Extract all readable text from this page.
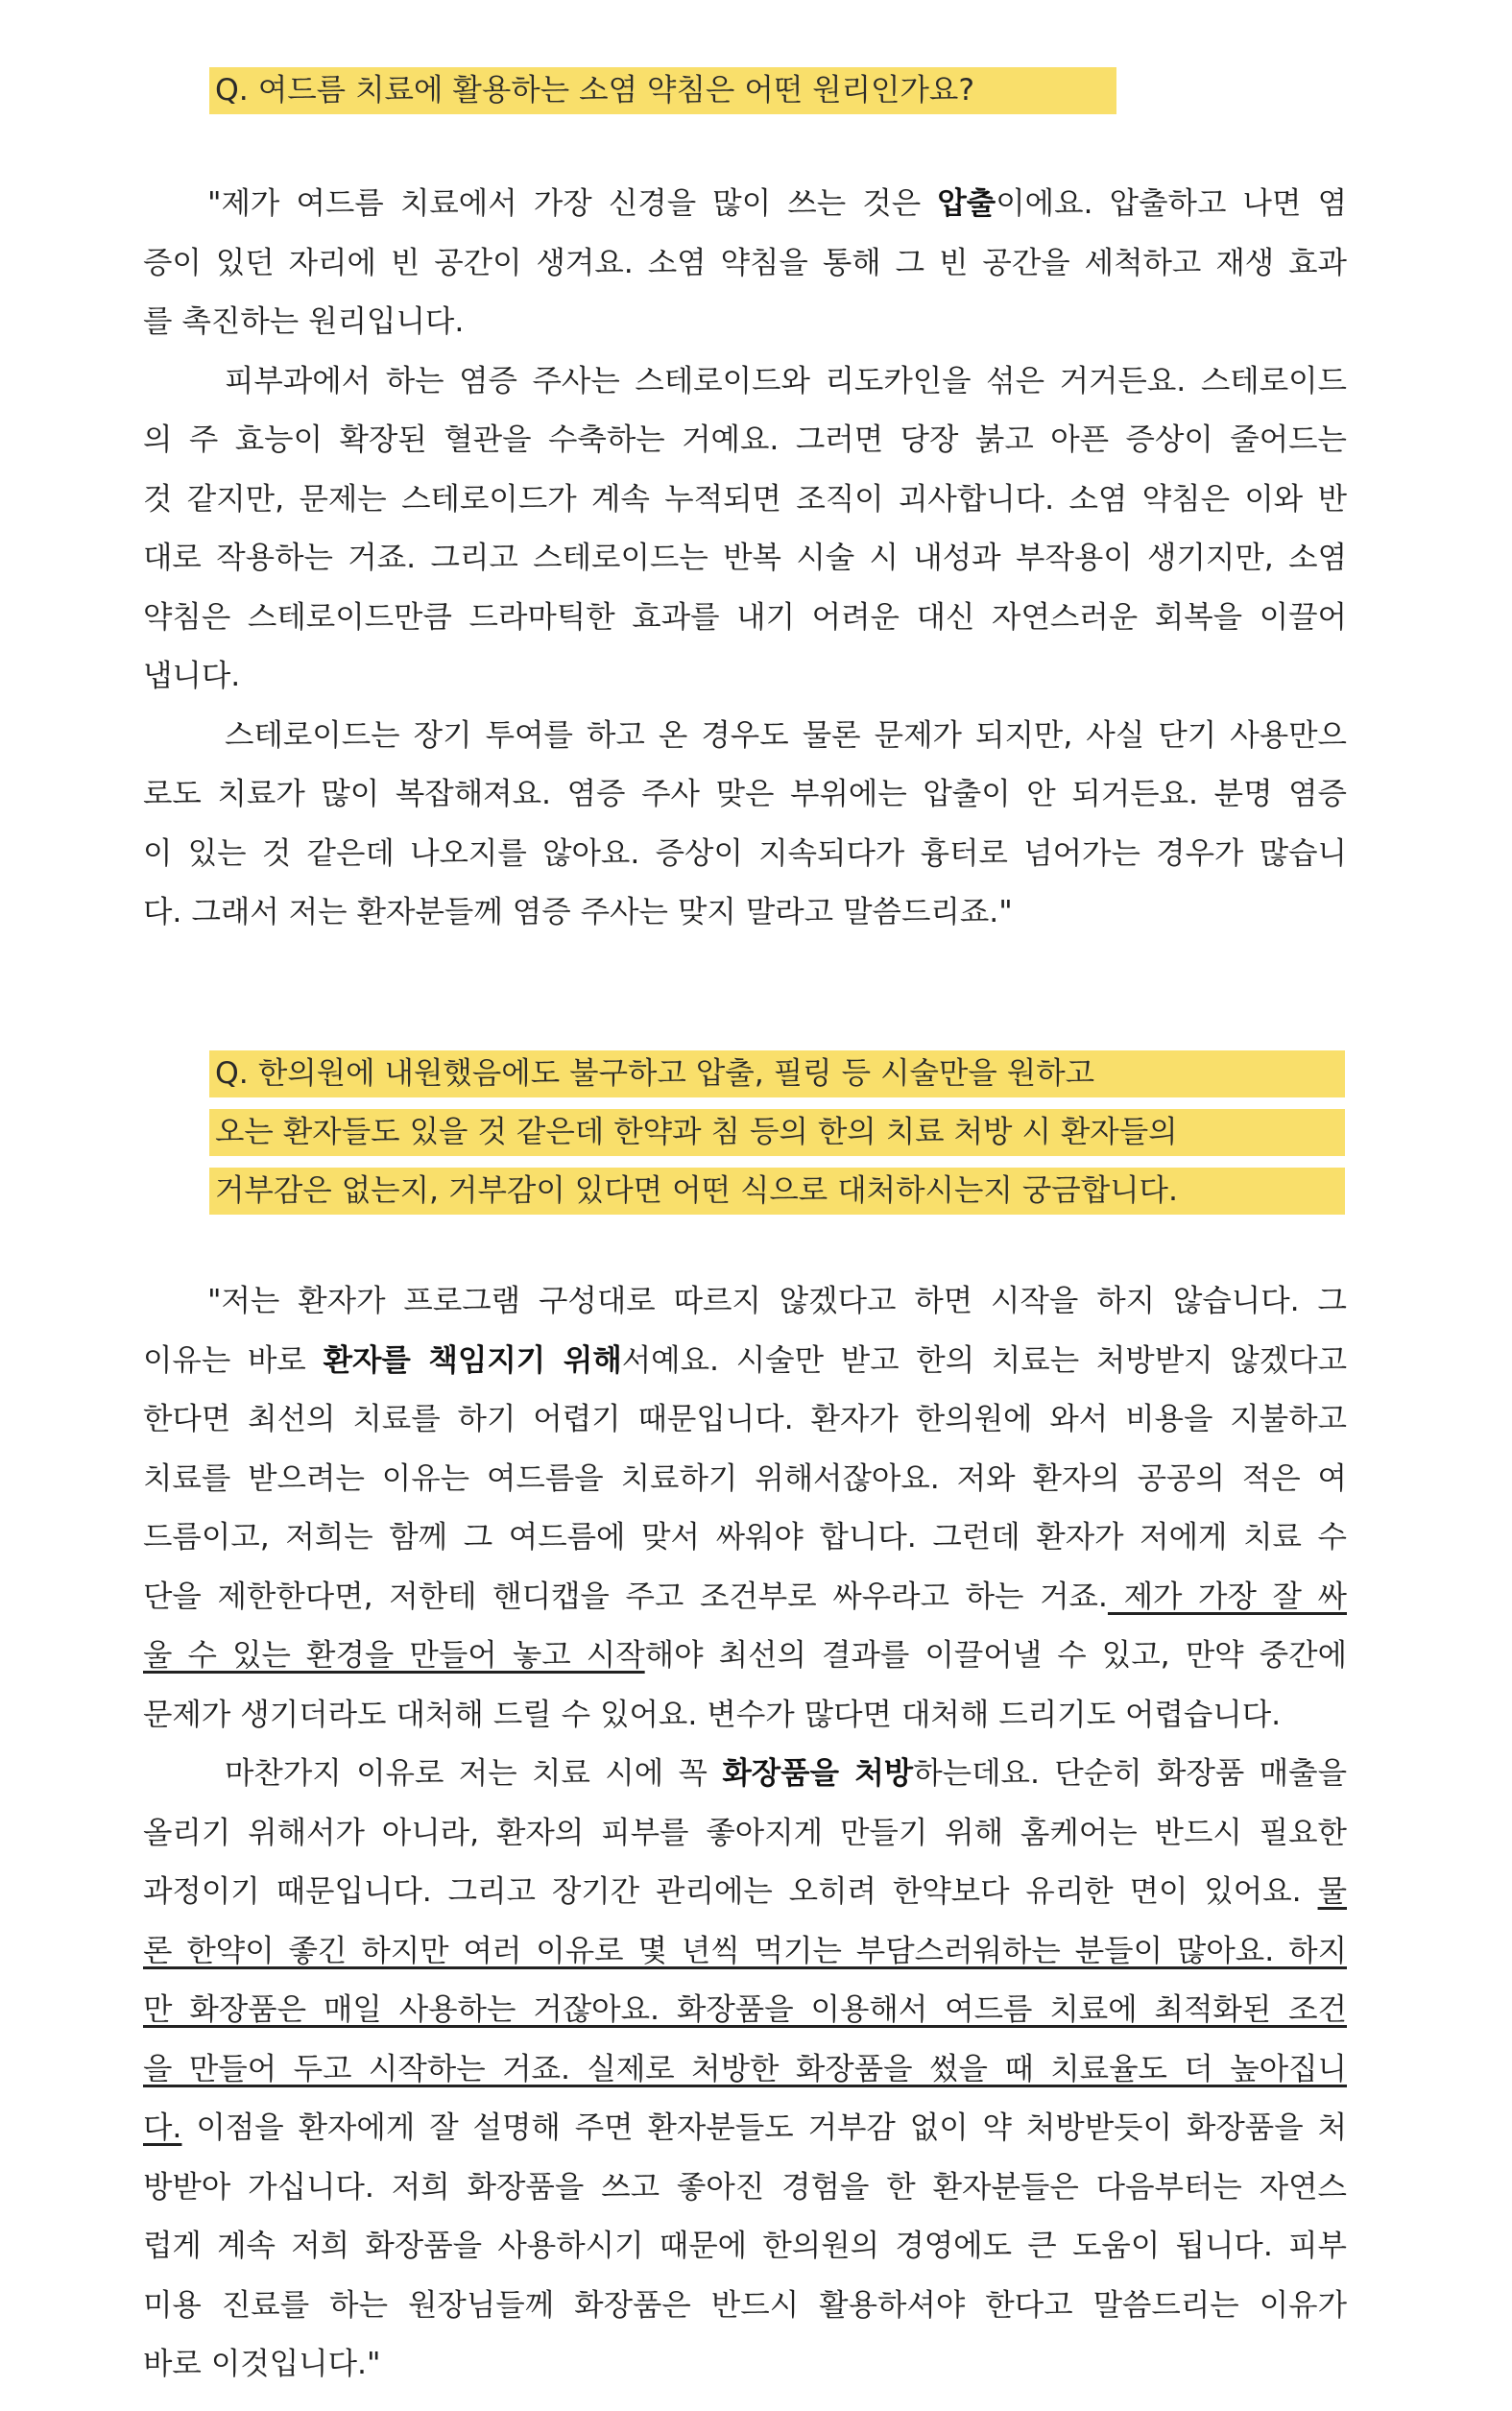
Q. 여드름 치료에 활용하는 소염 약침은 어떤 원리인가요?
"제가 여드름 치료에서 가장 신경을 많이 쓰는 것은 압출이에요. 압출하고 나면 염
증이 있던 자리에 빈 공간이 생겨요. 소염 약침을 통해 그 빈 공간을 세척하고 재생 효과
를 촉진하는 원리입니다.
피부과에서 하는 염증 주사는 스테로이드와 리도카인을 섞은 거거든요. 스테로이드
의 주 효능이 확장된 혈관을 수축하는 거예요. 그러면 당장 붉고 아픈 증상이 줄어드는
것 같지만, 문제는 스테로이드가 계속 누적되면 조직이 괴사합니다. 소염 약침은 이와 반
대로 작용하는 거죠. 그리고 스테로이드는 반복 시술 시 내성과 부작용이 생기지만, 소염
약침은 스테로이드만큼 드라마틱한 효과를 내기 어려운 대신 자연스러운 회복을 이끌어
냅니다.
스테로이드는 장기 투여를 하고 온 경우도 물론 문제가 되지만, 사실 단기 사용만으
로도 치료가 많이 복잡해져요. 염증 주사 맞은 부위에는 압출이 안 되거든요. 분명 염증
이 있는 것 같은데 나오지를 않아요. 증상이 지속되다가 흉터로 넘어가는 경우가 많습니
다. 그래서 저는 환자분들께 염증 주사는 맞지 말라고 말씀드리죠."
Q. 한의원에 내원했음에도 불구하고 압출, 필링 등 시술만을 원하고
오는 환자들도 있을 것 같은데 한약과 침 등의 한의 치료 처방 시 환자들의
거부감은 없는지, 거부감이 있다면 어떤 식으로 대처하시는지 궁금합니다.
"저는 환자가 프로그램 구성대로 따르지 않겠다고 하면 시작을 하지 않습니다. 그
이유는 바로 환자를 책임지기 위해서예요. 시술만 받고 한의 치료는 처방받지 않겠다고
한다면 최선의 치료를 하기 어렵기 때문입니다. 환자가 한의원에 와서 비용을 지불하고
치료를 받으려는 이유는 여드름을 치료하기 위해서잖아요. 저와 환자의 공공의 적은 여
드름이고, 저희는 함께 그 여드름에 맞서 싸워야 합니다. 그런데 환자가 저에게 치료 수
단을 제한한다면, 저한테 핸디캡을 주고 조건부로 싸우라고 하는 거죠. 제가 가장 잘 싸
울 수 있는 환경을 만들어 놓고 시작해야 최선의 결과를 이끌어낼 수 있고, 만약 중간에
문제가 생기더라도 대처해 드릴 수 있어요. 변수가 많다면 대처해 드리기도 어렵습니다.
마찬가지 이유로 저는 치료 시에 꼭 화장품을 처방하는데요. 단순히 화장품 매출을
올리기 위해서가 아니라, 환자의 피부를 좋아지게 만들기 위해 홈케어는 반드시 필요한
과정이기 때문입니다. 그리고 장기간 관리에는 오히려 한약보다 유리한 면이 있어요. 물
론 한약이 좋긴 하지만 여러 이유로 몇 년씩 먹기는 부담스러워하는 분들이 많아요. 하지
만 화장품은 매일 사용하는 거잖아요. 화장품을 이용해서 여드름 치료에 최적화된 조건
을 만들어 두고 시작하는 거죠. 실제로 처방한 화장품을 썼을 때 치료율도 더 높아집니
다. 이점을 환자에게 잘 설명해 주면 환자분들도 거부감 없이 약 처방받듯이 화장품을 처
방받아 가십니다. 저희 화장품을 쓰고 좋아진 경험을 한 환자분들은 다음부터는 자연스
럽게 계속 저희 화장품을 사용하시기 때문에 한의원의 경영에도 큰 도움이 됩니다. 피부
미용 진료를 하는 원장님들께 화장품은 반드시 활용하셔야 한다고 말씀드리는 이유가
바로 이것입니다."
